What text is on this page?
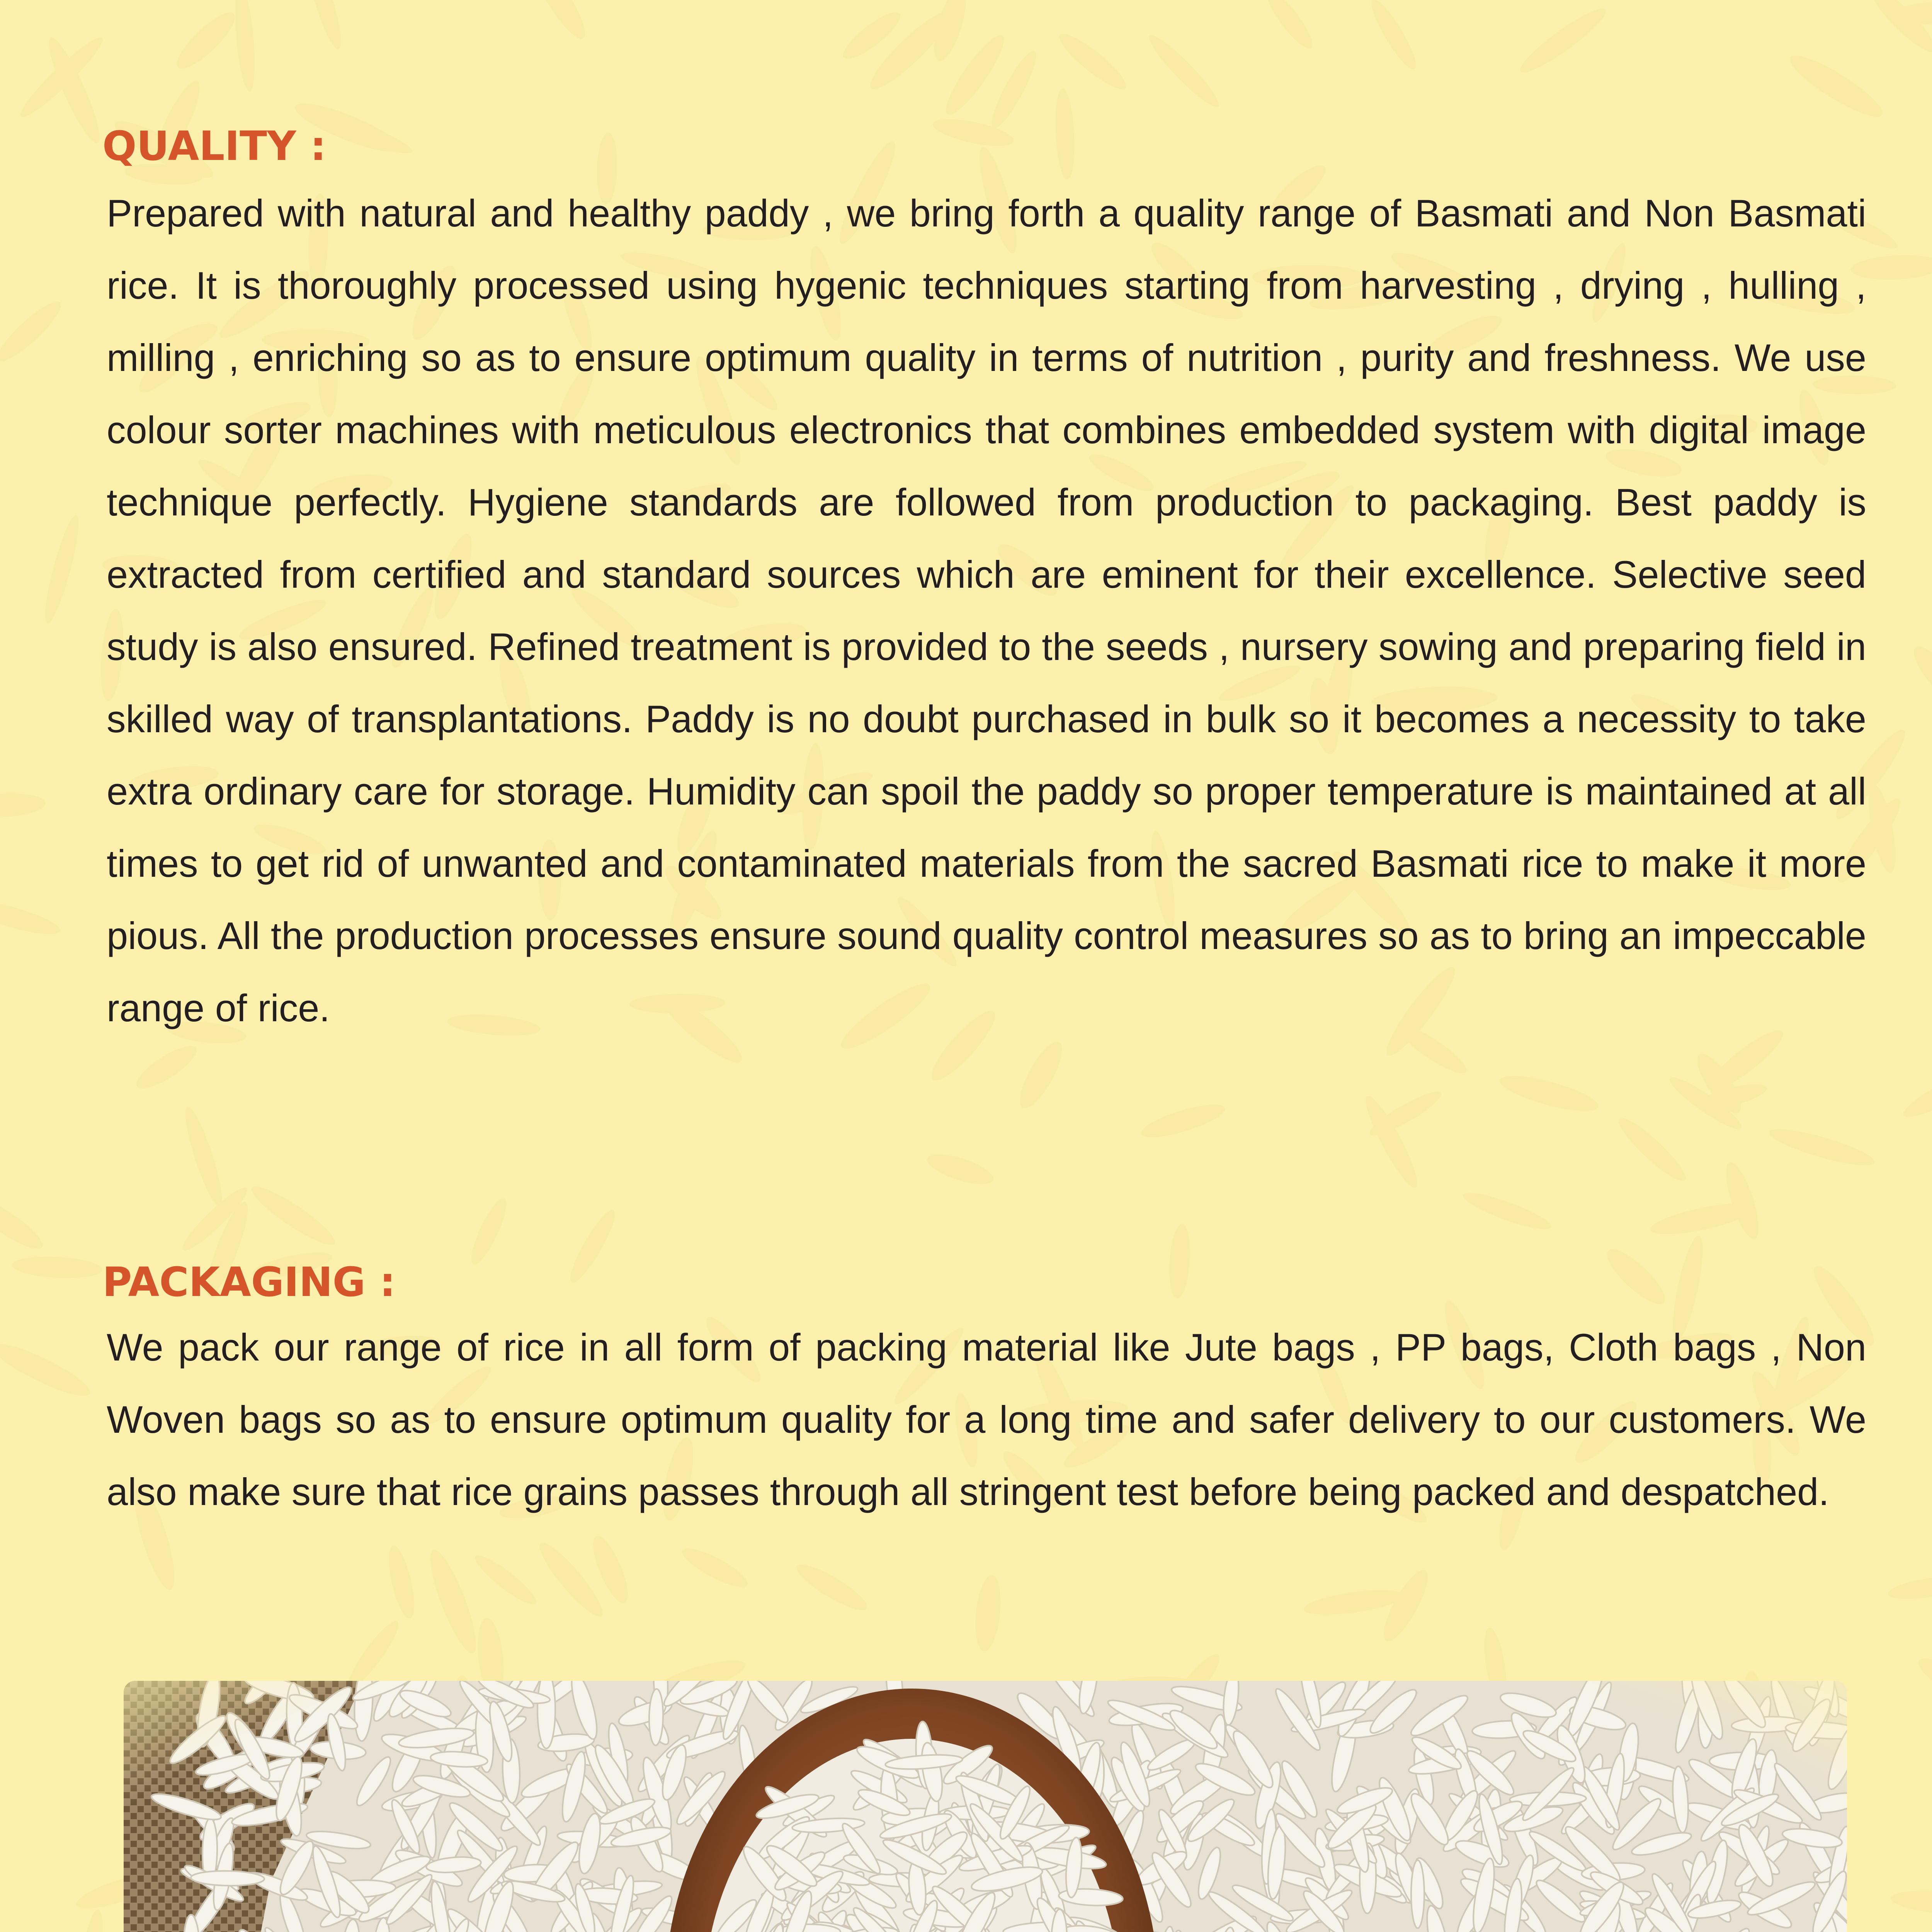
QUALITY :

Prepared with natural and healthy paddy , we bring forth a quality range of Basmati and Non Basmati rice. It is thoroughly processed using hygenic techniques starting from harvesting , drying , hulling , milling , enriching so as to ensure optimum quality in terms of nutrition , purity and freshness. We use colour sorter machines with meticulous electronics that combines embedded system with digital image technique perfectly. Hygiene standards are followed from production to packaging. Best paddy is extracted from certified and standard sources which are eminent for their excellence. Selective seed study is also ensured. Refined treatment is provided to the seeds , nursery sowing and preparing field in skilled way of transplantations. Paddy is no doubt purchased in bulk so it becomes a necessity to take extra ordinary care for storage. Humidity can spoil the paddy so proper temperature is maintained at all times to get rid of unwanted and contaminated materials from the sacred Basmati rice to make it more pious. All the production processes ensure sound quality control measures so as to bring an impeccable range of rice.

PACKAGING :

We pack our range of rice in all form of packing material like Jute bags , PP bags, Cloth bags , Non Woven bags so as to ensure optimum quality for a long time and safer delivery to our customers. We also make sure that rice grains passes through all stringent test before being packed and despatched.
